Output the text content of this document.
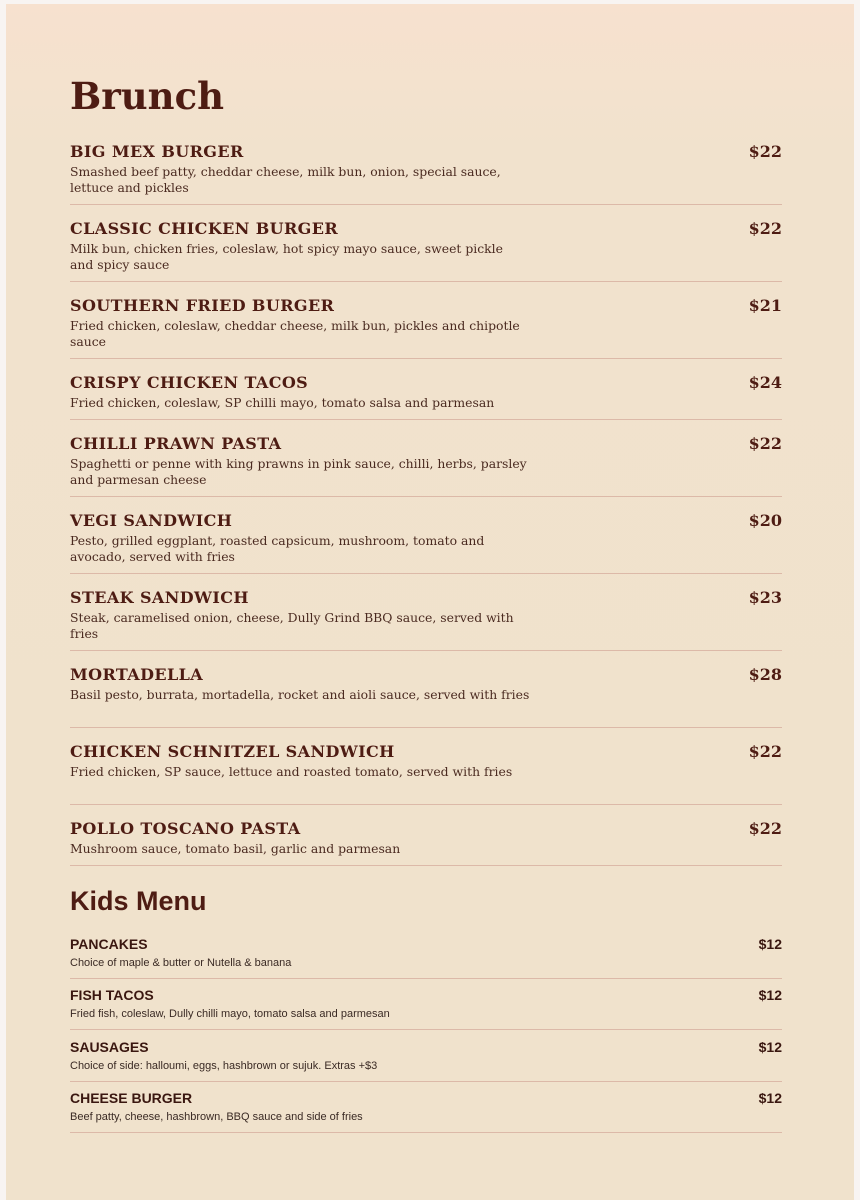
Brunch
BIG MEX BURGER	$22
Smashed beef patty, cheddar cheese, milk bun, onion, special sauce, lettuce and pickles
CLASSIC CHICKEN BURGER	$22
Milk bun, chicken fries, coleslaw, hot spicy mayo sauce, sweet pickle and spicy sauce
SOUTHERN FRIED BURGER	$21
Fried chicken, coleslaw, cheddar cheese, milk bun, pickles and chipotle sauce
CRISPY CHICKEN TACOS	$24
Fried chicken, coleslaw, SP chilli mayo, tomato salsa and parmesan
CHILLI PRAWN PASTA	$22
Spaghetti or penne with king prawns in pink sauce, chilli, herbs, parsley and parmesan cheese
VEGI SANDWICH	$20
Pesto, grilled eggplant, roasted capsicum, mushroom, tomato and avocado, served with fries
STEAK SANDWICH	$23
Steak, caramelised onion, cheese, Dully Grind BBQ sauce, served with fries
MORTADELLA	$28
Basil pesto, burrata, mortadella, rocket and aioli sauce, served with fries
CHICKEN SCHNITZEL SANDWICH	$22
Fried chicken, SP sauce, lettuce and roasted tomato, served with fries
POLLO TOSCANO PASTA	$22
Mushroom sauce, tomato basil, garlic and parmesan
Kids Menu
PANCAKES	$12
Choice of maple & butter or Nutella & banana
FISH TACOS	$12
Fried fish, coleslaw, Dully chilli mayo, tomato salsa and parmesan
SAUSAGES	$12
Choice of side: halloumi, eggs, hashbrown or sujuk. Extras +$3
CHEESE BURGER	$12
Beef patty, cheese, hashbrown, BBQ sauce and side of fries
